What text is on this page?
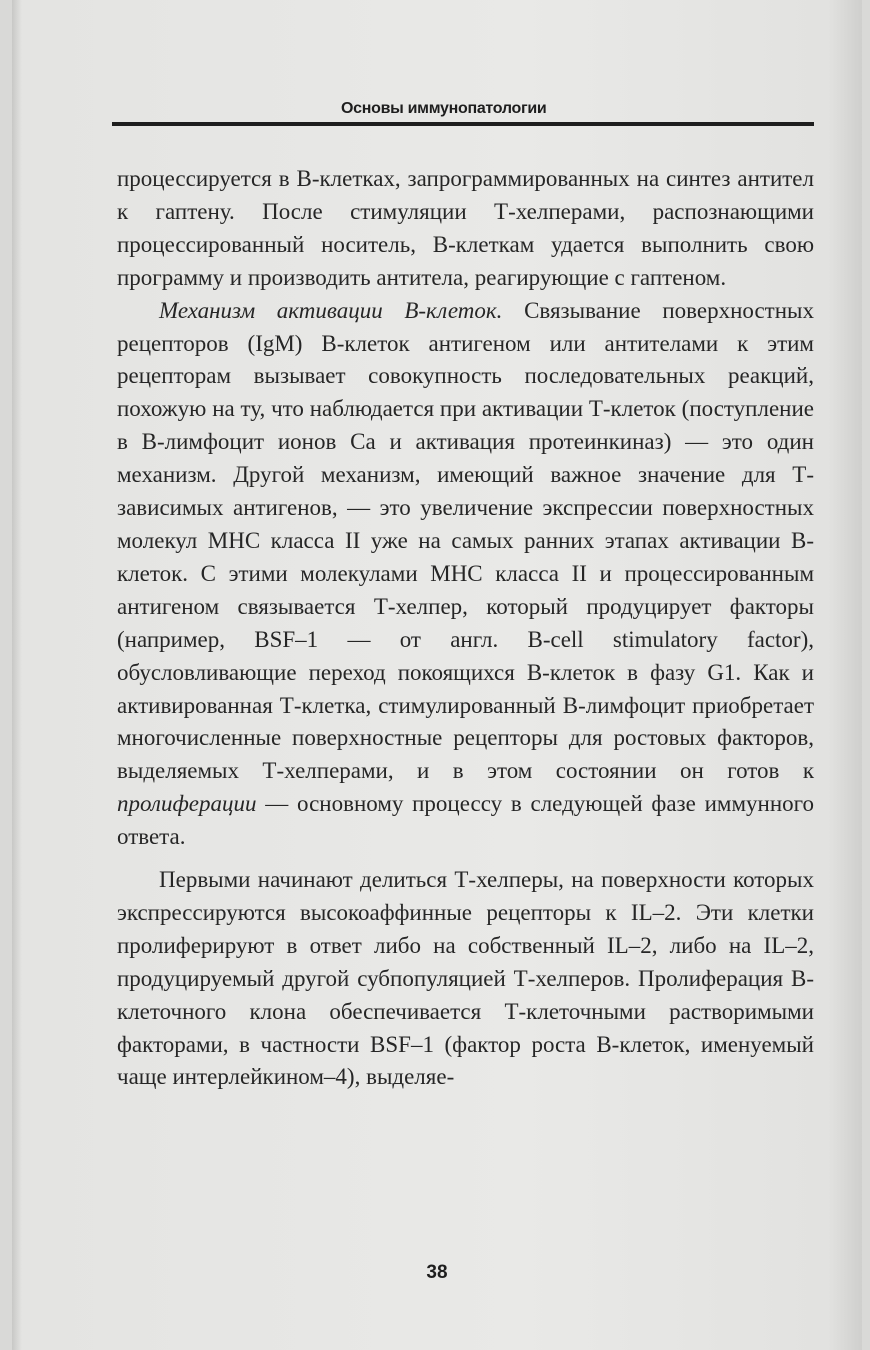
Основы иммунопатологии

процессируется в В-клетках, запрограммированных на синтез антител к гаптену. После стимуляции Т-хелперами, распознающими процессированный носитель, В-клеткам удается выполнить свою программу и производить антитела, реагирующие с гаптеном.

Механизм активации В-клеток. Связывание поверхностных рецепторов (IgM) В-клеток антигеном или антителами к этим рецепторам вызывает совокупность последовательных реакций, похожую на ту, что наблюдается при активации Т-клеток (поступление в В-лимфоцит ионов Са и активация протеинкиназ) — это один механизм. Другой механизм, имеющий важное значение для Т-зависимых антигенов, — это увеличение экспрессии поверхностных молекул МНС класса II уже на самых ранних этапах активации В-клеток. С этими молекулами МНС класса II и процессированным антигеном связывается Т-хелпер, который продуцирует факторы (например, BSF–1 — от англ. B-cell stimulatory factor), обусловливающие переход покоящихся В-клеток в фазу G1. Как и активированная Т-клетка, стимулированный В-лимфоцит приобретает многочисленные поверхностные рецепторы для ростовых факторов, выделяемых Т-хелперами, и в этом состоянии он готов к пролиферации — основному процессу в следующей фазе иммунного ответа.

Первыми начинают делиться Т-хелперы, на поверхности которых экспрессируются высокоаффинные рецепторы к IL–2. Эти клетки пролиферируют в ответ либо на собственный IL–2, либо на IL–2, продуцируемый другой субпопуляцией Т-хелперов. Пролиферация В-клеточного клона обеспечивается Т-клеточными растворимыми факторами, в частности BSF–1 (фактор роста В-клеток, именуемый чаще интерлейкином–4), выделяе-

38
